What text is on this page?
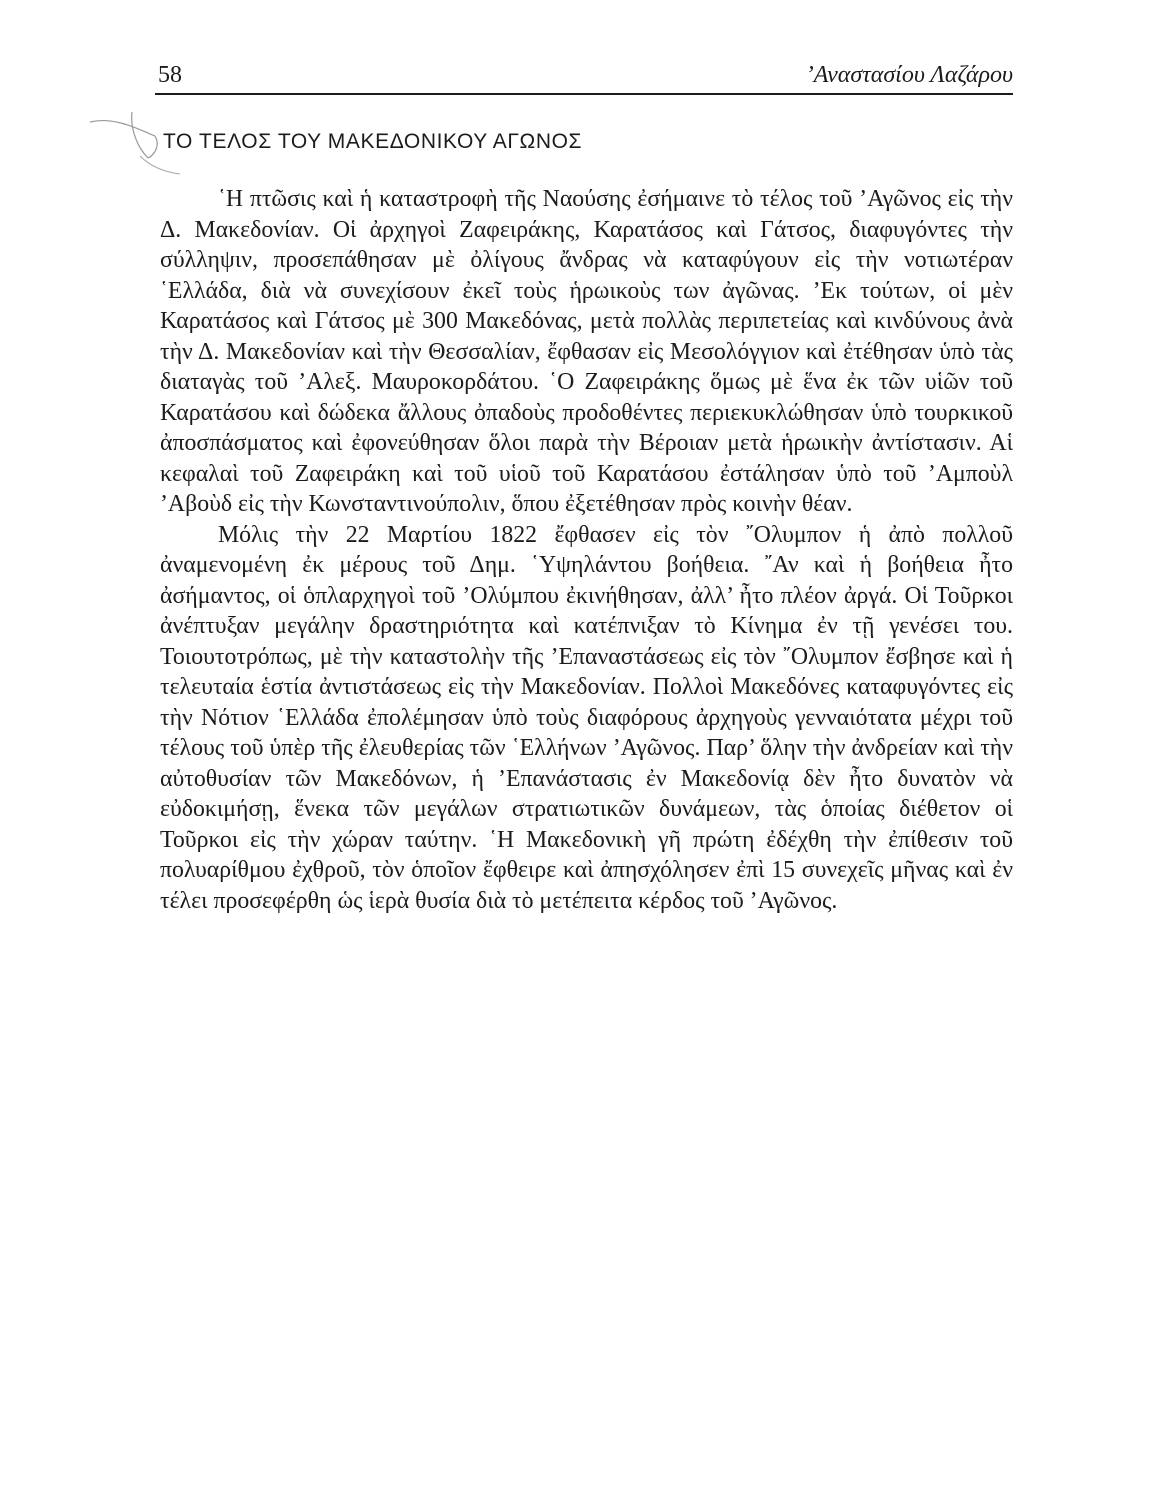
58	’Αναστασίου Λαζάρου
ΤΟ ΤΕΛΟΣ ΤΟΥ ΜΑΚΕΔΟΝΙΚΟΥ ΑΓΩΝΟΣ

῾Η πτῶσις καὶ ἡ καταστροφὴ τῆς Ναούσης ἐσήμαινε τὸ τέλος τοῦ ’Αγῶνος εἰς τὴν Δ. Μακεδονίαν. Οἱ ἀρχηγοὶ Ζαφειράκης, Καρατάσος καὶ Γάτσος, διαφυγόντες τὴν σύλληψιν, προσεπάθησαν μὲ ὀλίγους ἄνδρας νὰ καταφύγουν εἰς τὴν νοτιωτέραν ῾Ελλάδα, διὰ νὰ συνεχίσουν ἐκεῖ τοὺς ἡρωικοὺς των ἀγῶνας. ’Εκ τούτων, οἱ μὲν Καρατάσος καὶ Γάτσος μὲ 300 Μακεδόνας, μετὰ πολλὰς περιπετείας καὶ κινδύνους ἀνὰ τὴν Δ. Μακεδονίαν καὶ τὴν Θεσσαλίαν, ἔφθασαν εἰς Μεσολόγγιον καὶ ἐτέθησαν ὑπὸ τὰς διαταγὰς τοῦ ’Αλεξ. Μαυροκορδάτου. ῾Ο Ζαφειράκης ὅμως μὲ ἕνα ἐκ τῶν υἱῶν τοῦ Καρατάσου καὶ δώδεκα ἄλλους ὀπαδοὺς προδοθέντες περιεκυκλώθησαν ὑπὸ τουρκικοῦ ἀποσπάσματος καὶ ἐφονεύθησαν ὅλοι παρὰ τὴν Βέροιαν μετὰ ἡρωικὴν ἀντίστασιν. Αἱ κεφαλαὶ τοῦ Ζαφειράκη καὶ τοῦ υἱοῦ τοῦ Καρατάσου ἐστάλησαν ὑπὸ τοῦ ’Αμποὺλ ’Αβοὺδ εἰς τὴν Κωνσταντινούπολιν, ὅπου ἐξετέθησαν πρὸς κοινὴν θέαν.

Μόλις τὴν 22 Μαρτίου 1822 ἔφθασεν εἰς τὸν ῎Ολυμπον ἡ ἀπὸ πολλοῦ ἀναμενομένη ἐκ μέρους τοῦ Δημ. ῾Υψηλάντου βοήθεια. ῎Αν καὶ ἡ βοήθεια ἦτο ἀσήμαντος, οἱ ὁπλαρχηγοὶ τοῦ ’Ολύμπου ἐκινήθησαν, ἀλλ’ ἦτο πλέον ἀργά. Οἱ Τοῦρκοι ἀνέπτυξαν μεγάλην δραστηριότητα καὶ κατέπνιξαν τὸ Κίνημα ἐν τῇ γενέσει του. Τοιουτοτρόπως, μὲ τὴν καταστολὴν τῆς ’Επαναστάσεως εἰς τὸν ῎Ολυμπον ἔσβησε καὶ ἡ τελευταία ἑστία ἀντιστάσεως εἰς τὴν Μακεδονίαν. Πολλοὶ Μακεδόνες καταφυγόντες εἰς τὴν Νότιον ῾Ελλάδα ἐπολέμησαν ὑπὸ τοὺς διαφόρους ἀρχηγοὺς γενναιότατα μέχρι τοῦ τέλους τοῦ ὑπὲρ τῆς ἐλευθερίας τῶν ῾Ελλήνων ’Αγῶνος. Παρ’ ὅλην τὴν ἀνδρείαν καὶ τὴν αὐτοθυσίαν τῶν Μακεδόνων, ἡ ’Επανάστασις ἐν Μακεδονίᾳ δὲν ἦτο δυνατὸν νὰ εὐδοκιμήσῃ, ἕνεκα τῶν μεγάλων στρατιωτικῶν δυνάμεων, τὰς ὁποίας διέθετον οἱ Τοῦρκοι εἰς τὴν χώραν ταύτην. ῾Η Μακεδονικὴ γῆ πρώτη ἐδέχθη τὴν ἐπίθεσιν τοῦ πολυαρίθμου ἐχθροῦ, τὸν ὁποῖον ἔφθειρε καὶ ἀπησχόλησεν ἐπὶ 15 συνεχεῖς μῆνας καὶ ἐν τέλει προσεφέρθη ὡς ἱερὰ θυσία διὰ τὸ μετέπειτα κέρδος τοῦ ’Αγῶνος.
